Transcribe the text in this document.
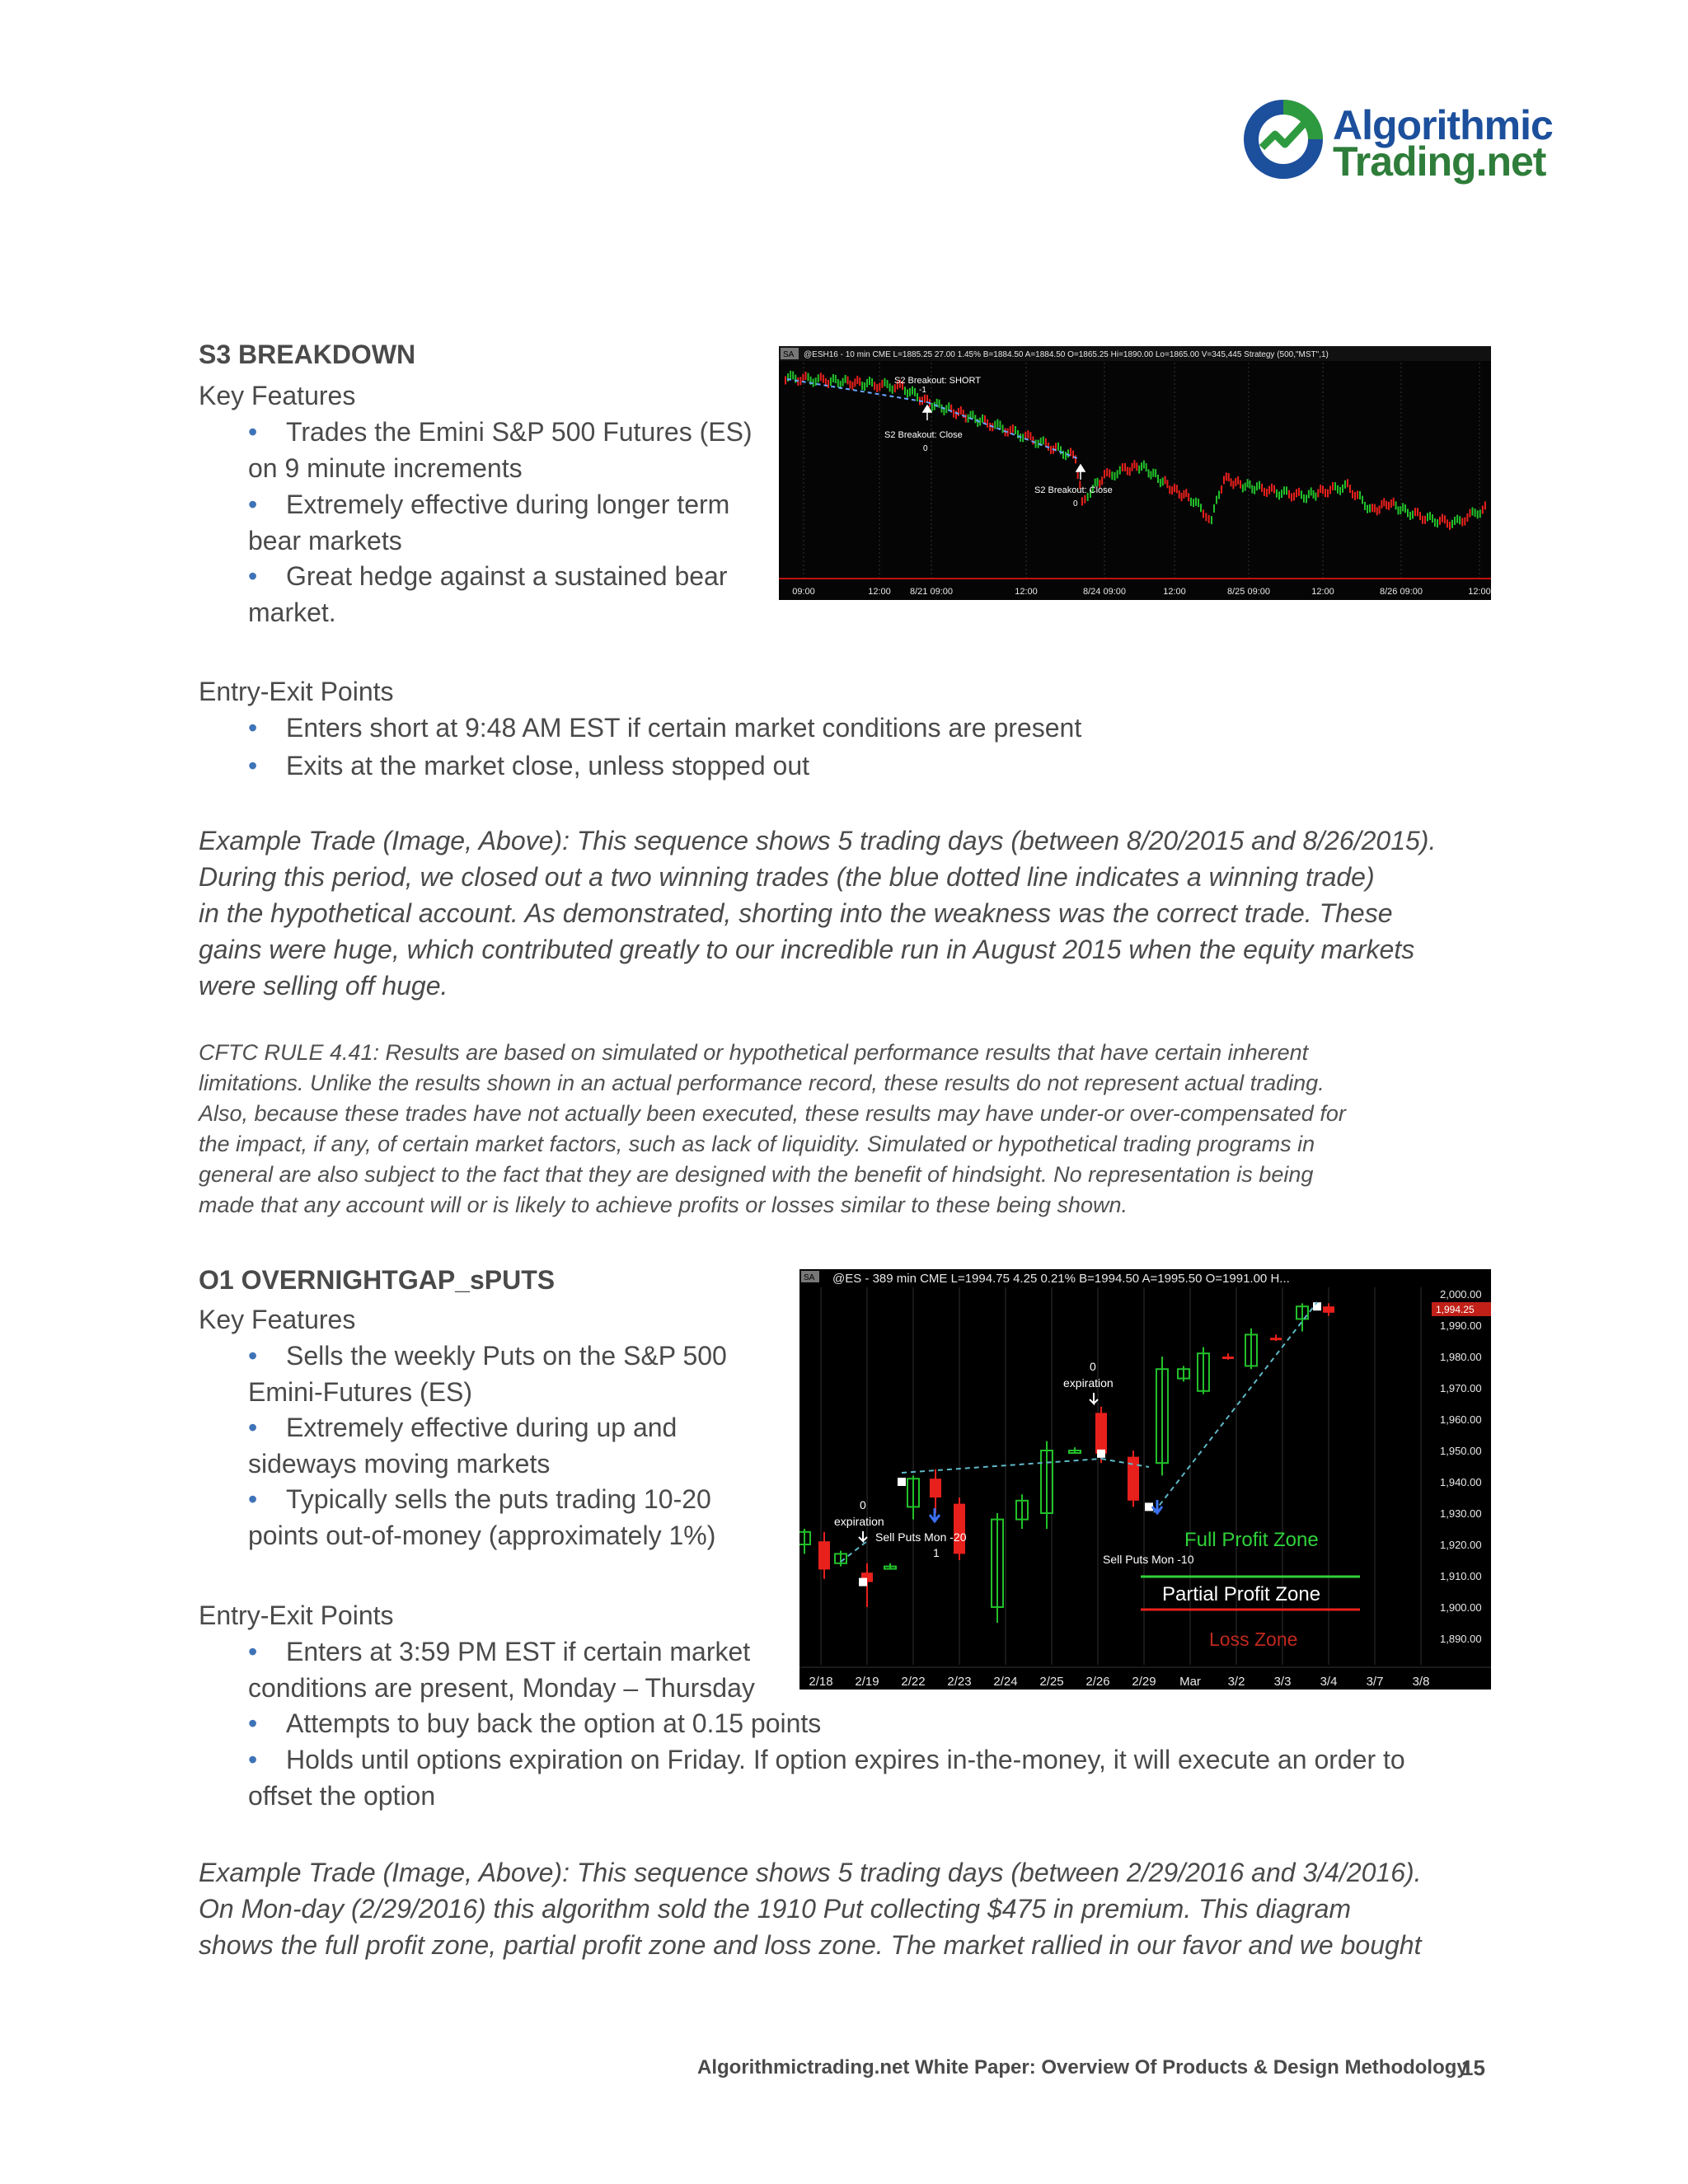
Algorithmic
Trading.net
S3 BREAKDOWN
Key Features
• Trades the Emini S&P 500 Futures (ES)
on 9 minute increments
• Extremely effective during longer term
bear markets
• Great hedge against a sustained bear
market.
SA @ESH16 - 10 min CME L=1885.25 27.00 1.45% B=1884.50 A=1884.50 O=1865.25 Hi=1890.00 Lo=1865.00 V=345,445 Strategy (500,"MST",1)
S2 Breakout: SHORT
-1
S2 Breakout: Close
0
S2 Breakout: Close
0
09:00	12:00 8/21 09:00	12:00	8/24 09:00	12:00	8/25 09:00	12:00	8/26 09:00	12:00
Entry-Exit Points
• Enters short at 9:48 AM EST if certain market conditions are present
• Exits at the market close, unless stopped out
Example Trade (Image, Above): This sequence shows 5 trading days (between 8/20/2015 and 8/26/2015).
During this period, we closed out a two winning trades (the blue dotted line indicates a winning trade)
in the hypothetical account. As demonstrated, shorting into the weakness was the correct trade. These
gains were huge, which contributed greatly to our incredible run in August 2015 when the equity markets
were selling off huge.
CFTC RULE 4.41: Results are based on simulated or hypothetical performance results that have certain inherent
limitations. Unlike the results shown in an actual performance record, these results do not represent actual trading.
Also, because these trades have not actually been executed, these results may have under-or over-compensated for
the impact, if any, of certain market factors, such as lack of liquidity. Simulated or hypothetical trading programs in
general are also subject to the fact that they are designed with the benefit of hindsight. No representation is being
made that any account will or is likely to achieve profits or losses similar to these being shown.
O1 OVERNIGHTGAP_sPUTS
Key Features
• Sells the weekly Puts on the S&P 500
Emini-Futures (ES)
• Extremely effective during up and
sideways moving markets
• Typically sells the puts trading 10-20
points out-of-money (approximately 1%)
SA @ES - 389 min CME L=1994.75 4.25 0.21% B=1994.50 A=1995.50 O=1991.00 H...
Full Profit Zone
Partial Profit Zone
Loss Zone
0
expiration
Sell Puts Mon -20
1
0
expiration
Sell Puts Mon -10
1,994.25
2,000.00
1,990.00
1,980.00
1,970.00
1,960.00
1,950.00
1,940.00
1,930.00
1,920.00
1,910.00
1,900.00
1,890.00
2/18 2/19 2/22 2/23 2/24 2/25 2/26 2/29 Mar 3/2 3/3 3/4 3/7 3/8
Entry-Exit Points
• Enters at 3:59 PM EST if certain market
conditions are present, Monday – Thursday
• Attempts to buy back the option at 0.15 points
• Holds until options expiration on Friday. If option expires in-the-money, it will execute an order to
offset the option
Example Trade (Image, Above): This sequence shows 5 trading days (between 2/29/2016 and 3/4/2016).
On Mon-day (2/29/2016) this algorithm sold the 1910 Put collecting $475 in premium. This diagram
shows the full profit zone, partial profit zone and loss zone. The market rallied in our favor and we bought
Algorithmictrading.net White Paper: Overview Of Products & Design Methodology
15
